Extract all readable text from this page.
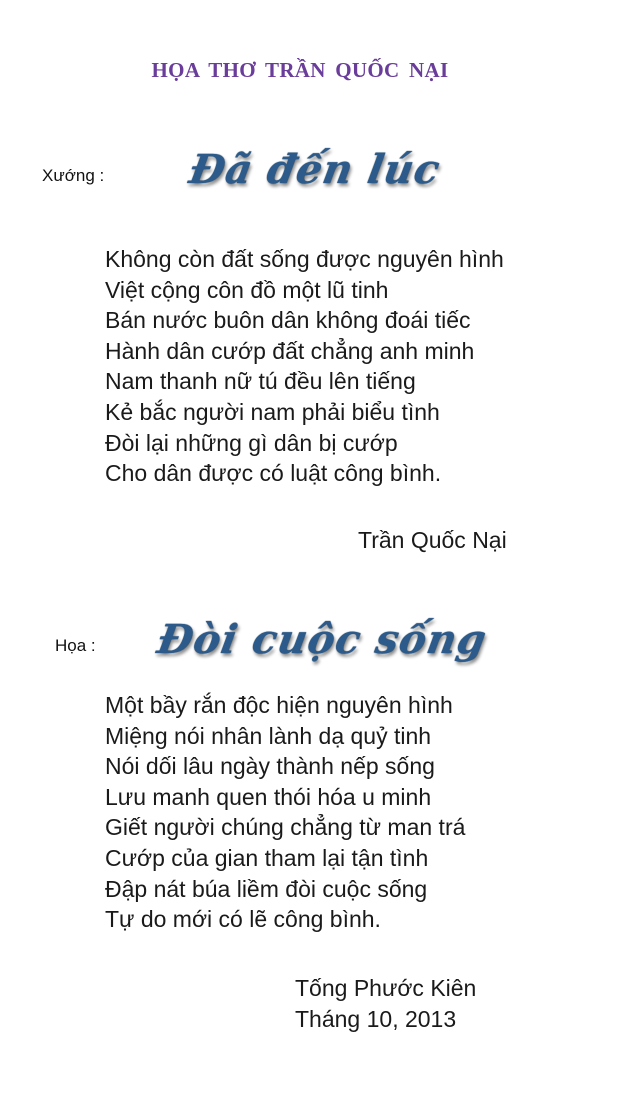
HỌA THƠ TRẦN QUỐC NẠI
Xướng : Đã đến lúc
Không còn đất sống được nguyên hình
Việt cộng côn đồ một lũ tinh
Bán nước buôn dân không đoái tiếc
Hành dân cướp đất chẳng anh minh
Nam thanh nữ tú đều lên tiếng
Kẻ bắc người nam phải biểu tình
Đòi lại những gì dân bị cướp
Cho dân được có luật công bình.
Trần Quốc Nại
Họa : Đòi cuộc sống
Một bầy rắn độc hiện nguyên hình
Miệng nói nhân lành dạ quỷ tinh
Nói dối lâu ngày thành nếp sống
Lưu manh quen thói hóa u minh
Giết người chúng chẳng từ man trá
Cướp của gian tham lại tận tình
Đập nát búa liềm đòi cuộc sống
Tự do mới có lẽ công bình.
Tống Phước Kiên
Tháng 10, 2013
